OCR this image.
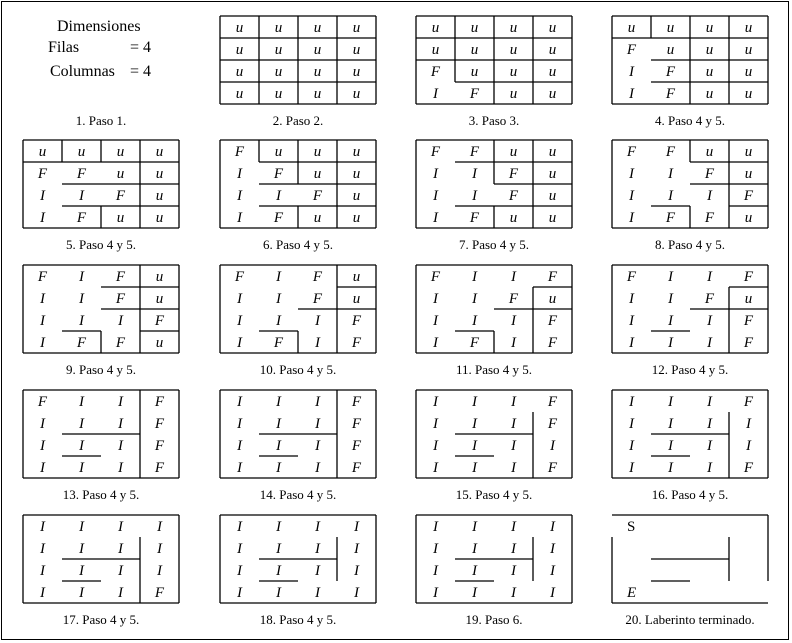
Dimensiones
Filas	= 4
Columnas = 4
1. Paso 1.
u u u u
u u u u
u u u u
u u u u
2. Paso 2.
u u u u
u u u u
F u u u
I F u u
3. Paso 3.
u u u u
F u u u
I F u u
I F u u
4. Paso 4 y 5.
u u u u
F F u u
I I F u
I F u u
5. Paso 4 y 5.
F u u u
I F u u
I I F u
I F u u
6. Paso 4 y 5.
F F u u
I I F u
I I F u
I F u u
7. Paso 4 y 5.
F F u u
I I F u
I I I F
I F F u
8. Paso 4 y 5.
F I F u
I I F u
I I I F
I F F u
9. Paso 4 y 5.
F I F u
I I F u
I I I F
I F I F
10. Paso 4 y 5.
F I I F
I I F u
I I I F
I F I F
11. Paso 4 y 5.
F I I F
I I F u
I I I F
I I I F
12. Paso 4 y 5.
F I I F
I I I F
I I I F
I I I F
13. Paso 4 y 5.
I I I F
I I I F
I I I F
I I I F
14. Paso 4 y 5.
I I I F
I I I F
I I I I
I I I F
15. Paso 4 y 5.
I I I F
I I I I
I I I I
I I I F
16. Paso 4 y 5.
I I I I
I I I I
I I I I
I I I F
17. Paso 4 y 5.
I I I I
I I I I
I I I I
I I I I
18. Paso 4 y 5.
I I I I
I I I I
I I I I
I I I I
19. Paso 6.
S
E
20. Laberinto terminado.
